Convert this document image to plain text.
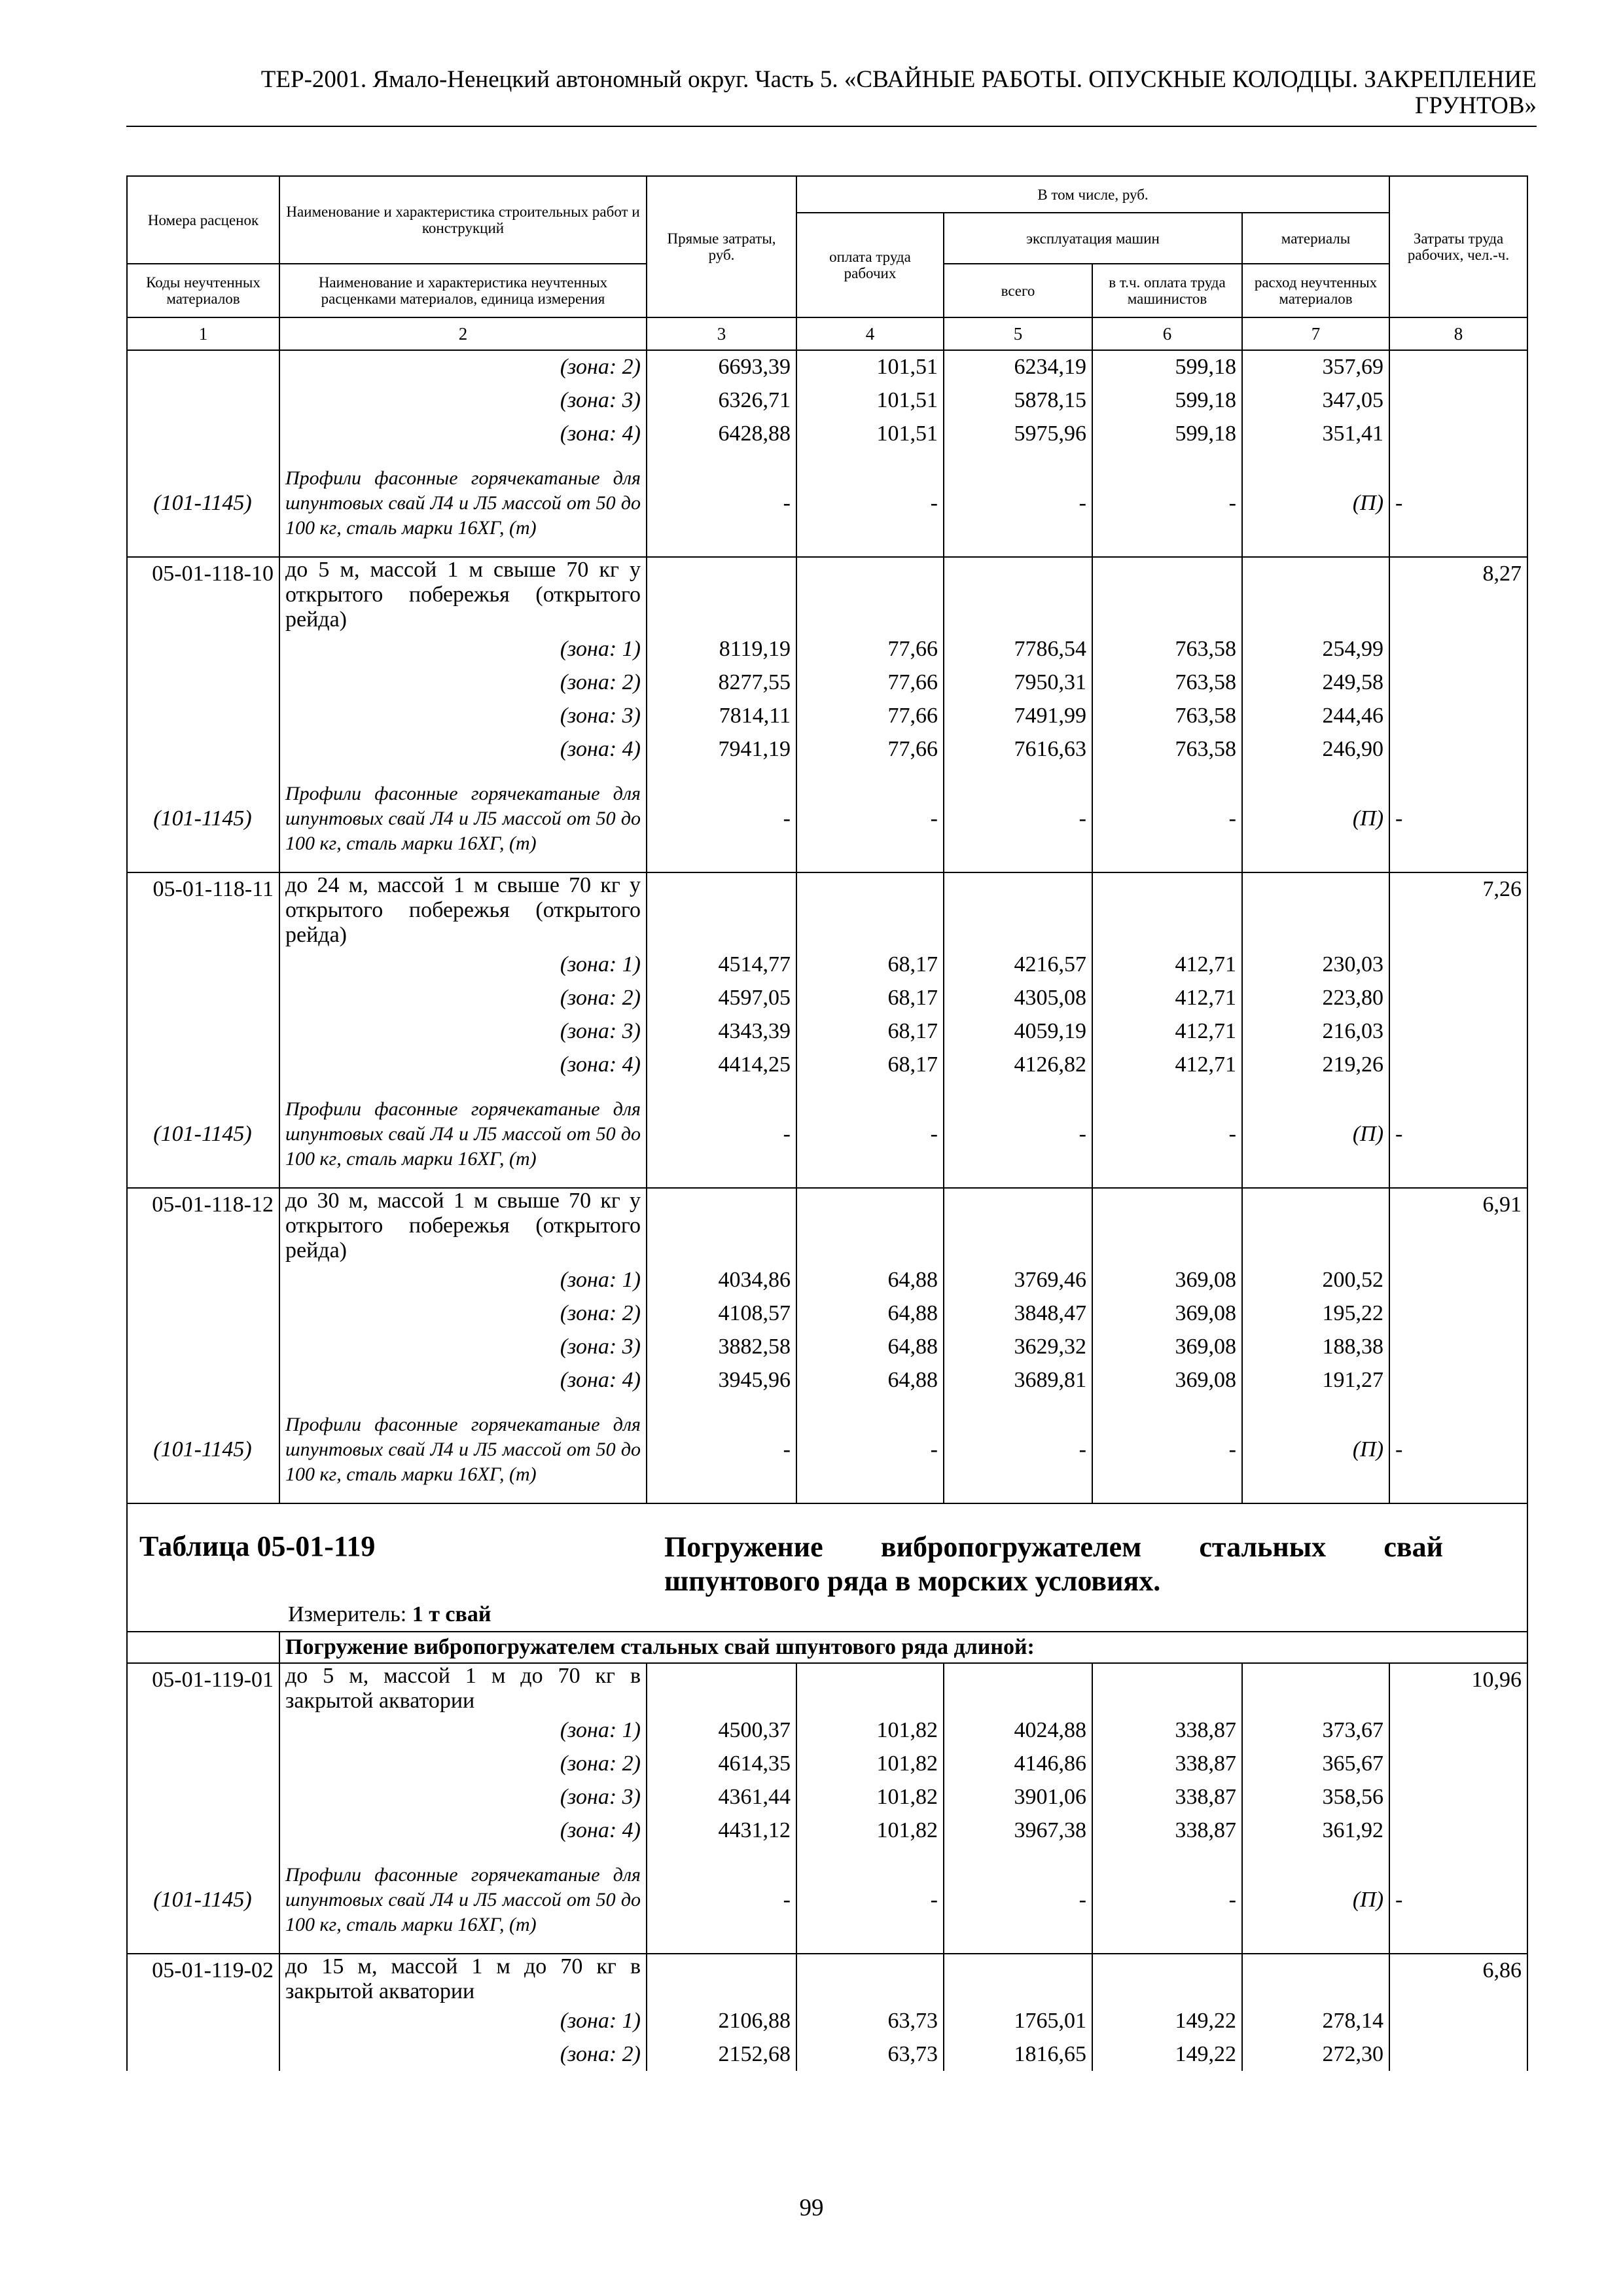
ТЕР-2001. Ямало-Ненецкий автономный округ. Часть 5. «СВАЙНЫЕ РАБОТЫ. ОПУСКНЫЕ КОЛОДЦЫ. ЗАКРЕПЛЕНИЕ
ГРУНТОВ»
Номера расценок	Наименование и характеристика строительных работ и конструкций	Прямые затраты, руб.	В том числе, руб.				Затраты труда рабочих, чел.-ч.
			оплата труда рабочих	эксплуатация машин		материалы	
Коды неучтенных материалов	Наименование и характеристика неучтенных расценками материалов, единица измерения			всего	в т.ч. оплата труда машинистов	расход неучтенных материалов	
1	2	3	4	5	6	7	8
	(зона: 2)	6693,39	101,51	6234,19	599,18	357,69	
	(зона: 3)	6326,71	101,51	5878,15	599,18	347,05	
	(зона: 4)	6428,88	101,51	5975,96	599,18	351,41	
(101-1145)	Профили фасонные горячекатаные для шпунтовых свай Л4 и Л5 массой от 50 до 100 кг, сталь марки 16ХГ, (т)	-	-	-	-	(П)	-
05-01-118-10	до 5 м, массой 1 м свыше 70 кг у открытого побережья (открытого рейда)						8,27
	(зона: 1)	8119,19	77,66	7786,54	763,58	254,99	
	(зона: 2)	8277,55	77,66	7950,31	763,58	249,58	
	(зона: 3)	7814,11	77,66	7491,99	763,58	244,46	
	(зона: 4)	7941,19	77,66	7616,63	763,58	246,90	
(101-1145)	Профили фасонные горячекатаные для шпунтовых свай Л4 и Л5 массой от 50 до 100 кг, сталь марки 16ХГ, (т)	-	-	-	-	(П)	-
05-01-118-11	до 24 м, массой 1 м свыше 70 кг у открытого побережья (открытого рейда)						7,26
	(зона: 1)	4514,77	68,17	4216,57	412,71	230,03	
	(зона: 2)	4597,05	68,17	4305,08	412,71	223,80	
	(зона: 3)	4343,39	68,17	4059,19	412,71	216,03	
	(зона: 4)	4414,25	68,17	4126,82	412,71	219,26	
(101-1145)	Профили фасонные горячекатаные для шпунтовых свай Л4 и Л5 массой от 50 до 100 кг, сталь марки 16ХГ, (т)	-	-	-	-	(П)	-
05-01-118-12	до 30 м, массой 1 м свыше 70 кг у открытого побережья (открытого рейда)						6,91
	(зона: 1)	4034,86	64,88	3769,46	369,08	200,52	
	(зона: 2)	4108,57	64,88	3848,47	369,08	195,22	
	(зона: 3)	3882,58	64,88	3629,32	369,08	188,38	
	(зона: 4)	3945,96	64,88	3689,81	369,08	191,27	
(101-1145)	Профили фасонные горячекатаные для шпунтовых свай Л4 и Л5 массой от 50 до 100 кг, сталь марки 16ХГ, (т)	-	-	-	-	(П)	-

Таблица 05-01-119 Погружение вибропогружателем стальных свай шпунтового ряда в морских условиях.
Измеритель: 1 т свай							

	Погружение вибропогружателем стальных свай шпунтового ряда длиной:						
05-01-119-01	до 5 м, массой 1 м до 70 кг в закрытой акватории						10,96
	(зона: 1)	4500,37	101,82	4024,88	338,87	373,67	
	(зона: 2)	4614,35	101,82	4146,86	338,87	365,67	
	(зона: 3)	4361,44	101,82	3901,06	338,87	358,56	
	(зона: 4)	4431,12	101,82	3967,38	338,87	361,92	
(101-1145)	Профили фасонные горячекатаные для шпунтовых свай Л4 и Л5 массой от 50 до 100 кг, сталь марки 16ХГ, (т)	-	-	-	-	(П)	-
05-01-119-02	до 15 м, массой 1 м до 70 кг в закрытой акватории						6,86
	(зона: 1)	2106,88	63,73	1765,01	149,22	278,14	
	(зона: 2)	2152,68	63,73	1816,65	149,22	272,30	
99
